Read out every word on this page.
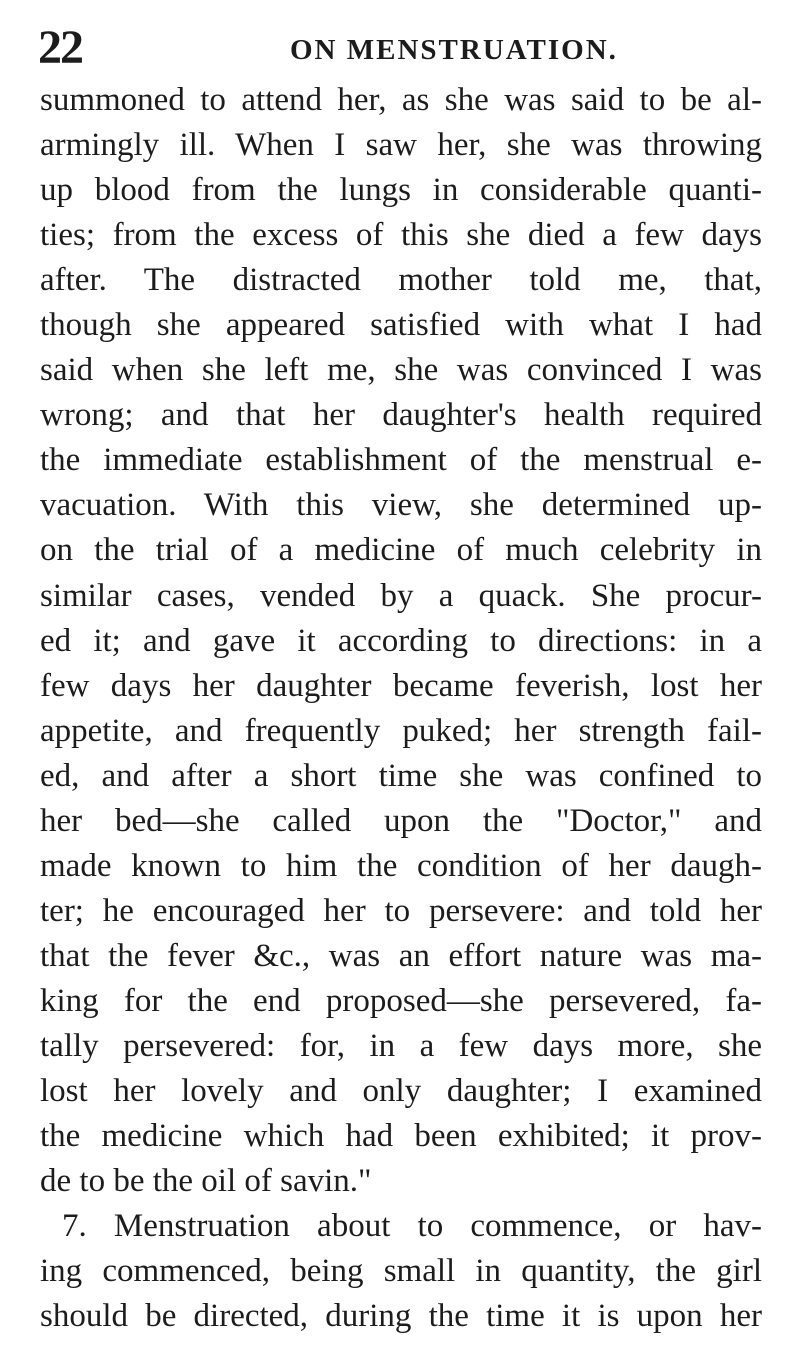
22	ON MENSTRUATION.
summoned to attend her, as she was said to be al-
armingly ill. When I saw her, she was throwing
up blood from the lungs in considerable quanti-
ties; from the excess of this she died a few days
after. The distracted mother told me, that,
though she appeared satisfied with what I had
said when she left me, she was convinced I was
wrong; and that her daughter's health required
the immediate establishment of the menstrual e-
vacuation. With this view, she determined up-
on the trial of a medicine of much celebrity in
similar cases, vended by a quack. She procur-
ed it; and gave it according to directions: in a
few days her daughter became feverish, lost her
appetite, and frequently puked; her strength fail-
ed, and after a short time she was confined to
her bed—she called upon the "Doctor," and
made known to him the condition of her daugh-
ter; he encouraged her to persevere: and told her
that the fever &c., was an effort nature was ma-
king for the end proposed—she persevered, fa-
tally persevered: for, in a few days more, she
lost her lovely and only daughter; I examined
the medicine which had been exhibited; it prov-
de to be the oil of savin."
7. Menstruation about to commence, or hav-
ing commenced, being small in quantity, the girl
should be directed, during the time it is upon her
